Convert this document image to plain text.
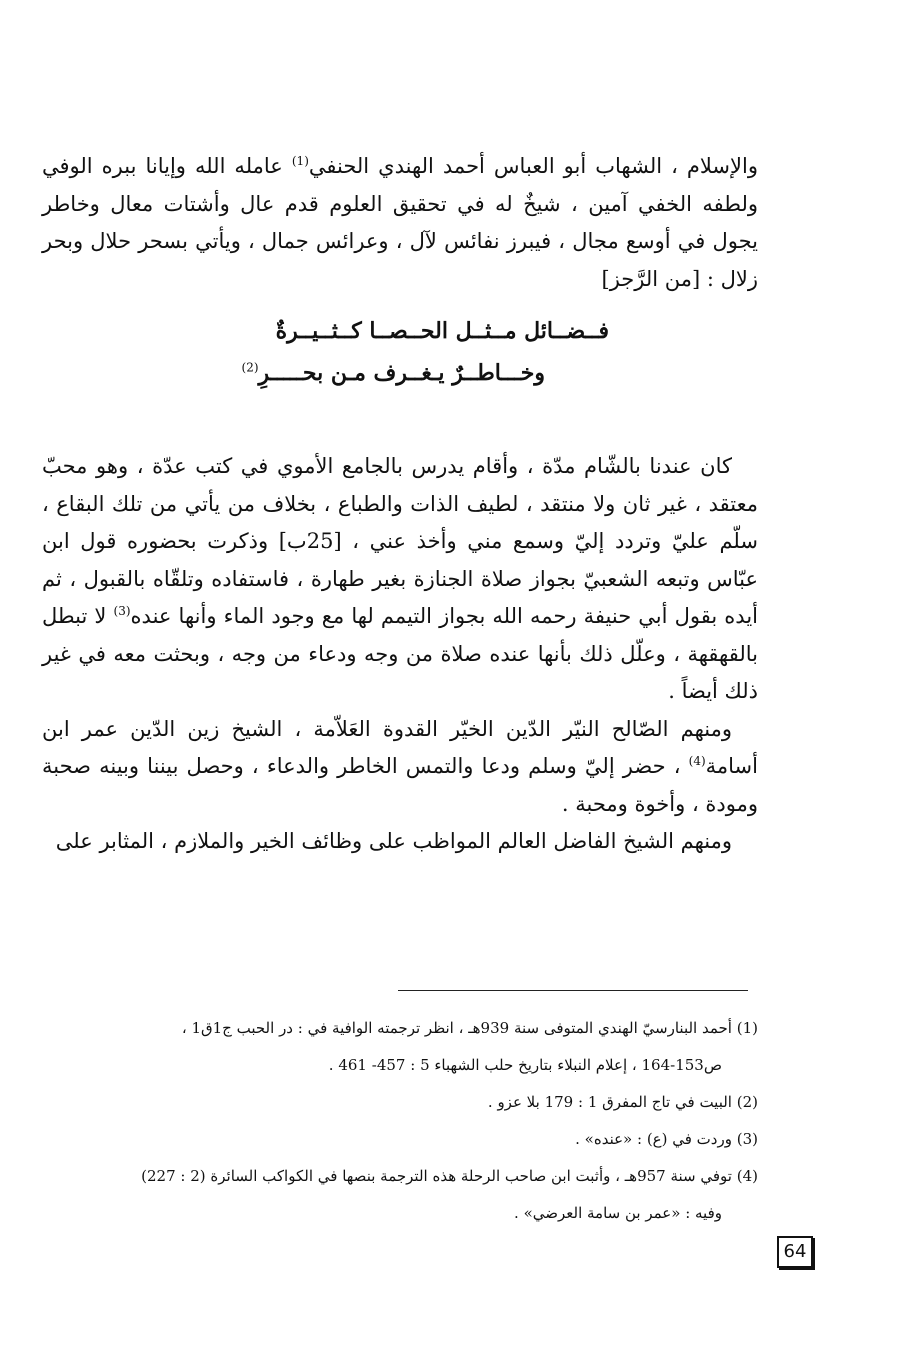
والإسلام ، الشهاب أبو العباس أحمد الهندي الحنفي$^{(1)}$ عامله الله وإيانا ببره الوفي ولطفه الخفي آمين ، شيخٌ له في تحقيق العلوم قدم عال وأشتات معال وخاطر يجول في أوسع مجال ، فيبرز نفائس لآل ، وعرائس جمال ، ويأتي بسحر حلال وبحر زلال : [من الرَّجز]

فــضــائل مــثــل الحــصــا كــثــيــرةٌ
وخـــاطــرٌ يـغــرف مـن بحـــــرِ$^{(2)}$

كان عندنا بالشّام مدّة ، وأقام يدرس بالجامع الأموي في كتب عدّة ، وهو محبّ معتقد ، غير ثان ولا منتقد ، لطيف الذات والطباع ، بخلاف من يأتي من تلك البقاع ، سلّم عليّ وتردد إليّ وسمع مني وأخذ عني ، [25ب] وذكرت بحضوره قول ابن عبّاس وتبعه الشعبيّ بجواز صلاة الجنازة بغير طهارة ، فاستفاده وتلقّاه بالقبول ، ثم أيده بقول أبي حنيفة رحمه الله بجواز التيمم لها مع وجود الماء وأنها عنده$^{(3)}$ لا تبطل بالقهقهة ، وعلّل ذلك بأنها عنده صلاة من وجه ودعاء من وجه ، وبحثت معه في غير ذلك أيضاً .

ومنهم الصّالح النيّر الدّين الخيّر القدوة العَلاّمة ، الشيخ زين الدّين عمر ابن أسامة$^{(4)}$ ، حضر إليّ وسلم ودعا والتمس الخاطر والدعاء ، وحصل بيننا وبينه صحبة ومودة ، وأخوة ومحبة .

ومنهم الشيخ الفاضل العالم المواظب على وظائف الخير والملازم ، المثابر على

(1) أحمد البنارسيّ الهندي المتوفى سنة 939هـ ، انظر ترجمته الوافية في : در الحبب ج1ق1 ،

ص153-164 ، إعلام النبلاء بتاريخ حلب الشهباء 5 : 457- 461 .

(2) البيت في تاج المفرق 1 : 179 بلا عزو .

(3) وردت في (ع) : «عنده» .

(4) توفي سنة 957هـ ، وأثبت ابن صاحب الرحلة هذه الترجمة بنصها في الكواكب السائرة (2 : 227)

وفيه : «عمر بن سامة العرضي» .

64
